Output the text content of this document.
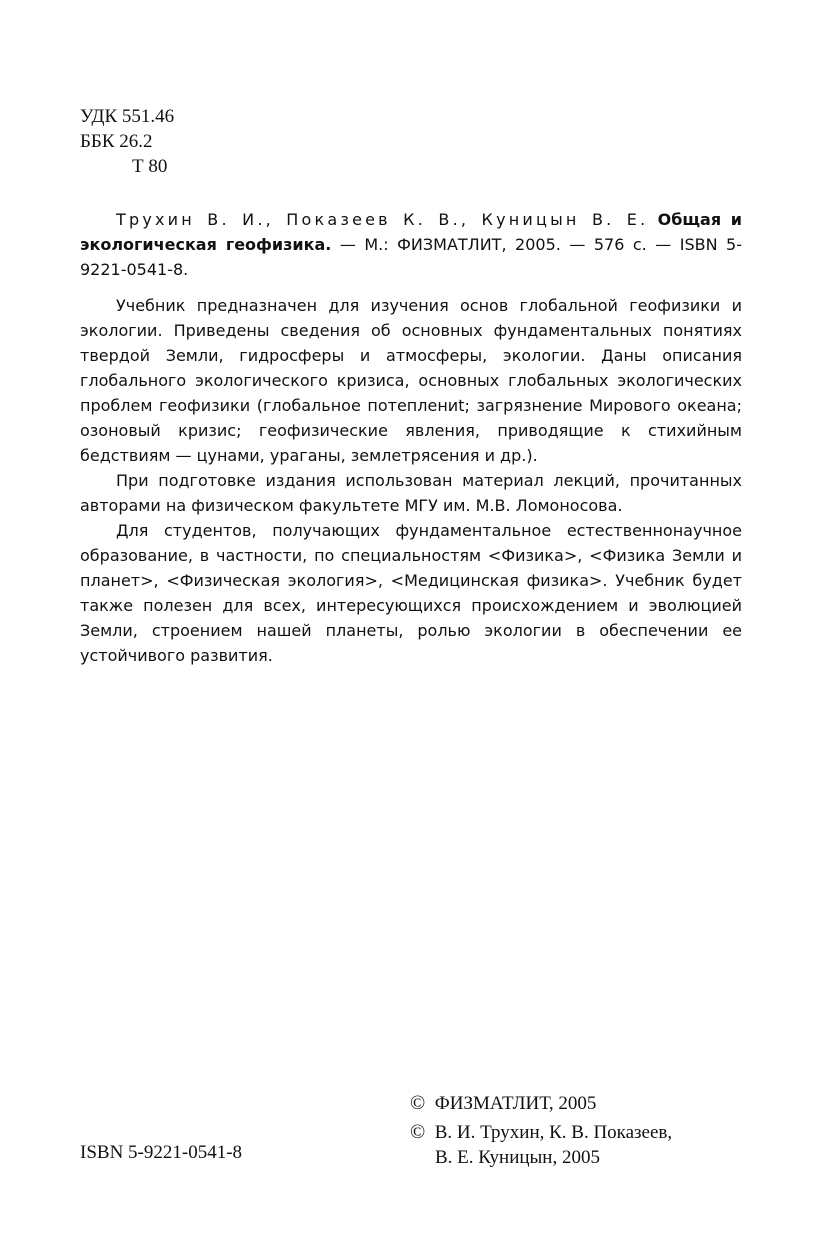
УДК 551.46
ББК 26.2
Т 80

Трухин В. И., Показеев К. В., Куницын В. Е. Общая и экологическая геофизика. — М.: ФИЗМАТЛИТ, 2005. — 576 с. — ISBN 5-9221-0541-8.

Учебник предназначен для изучения основ глобальной геофизики и экологии. Приведены сведения об основных фундаментальных понятиях твердой Земли, гидросферы и атмосферы, экологии. Даны описания глобального экологического кризиса, основных глобальных экологических проблем геофизики (глобальное потеплениt; загрязнение Мирового океана; озоновый кризис; геофизические явления, приводящие к стихийным бедствиям — цунами, ураганы, землетрясения и др.).

При подготовке издания использован материал лекций, прочитанных авторами на физическом факультете МГУ им. М.В. Ломоносова.

Для студентов, получающих фундаментальное естественнонаучное образование, в частности, по специальностям <Физика>, <Физика Земли и планет>, <Физическая экология>, <Медицинская физика>. Учебник будет также полезен для всех, интересующихся происхождением и эволюцией Земли, строением нашей планеты, ролью экологии в обеспечении ее устойчивого развития.

© ФИЗМАТЛИТ, 2005
© В. И. Трухин, К. В. Показеев,
В. Е. Куницын, 2005
ISBN 5-9221-0541-8
